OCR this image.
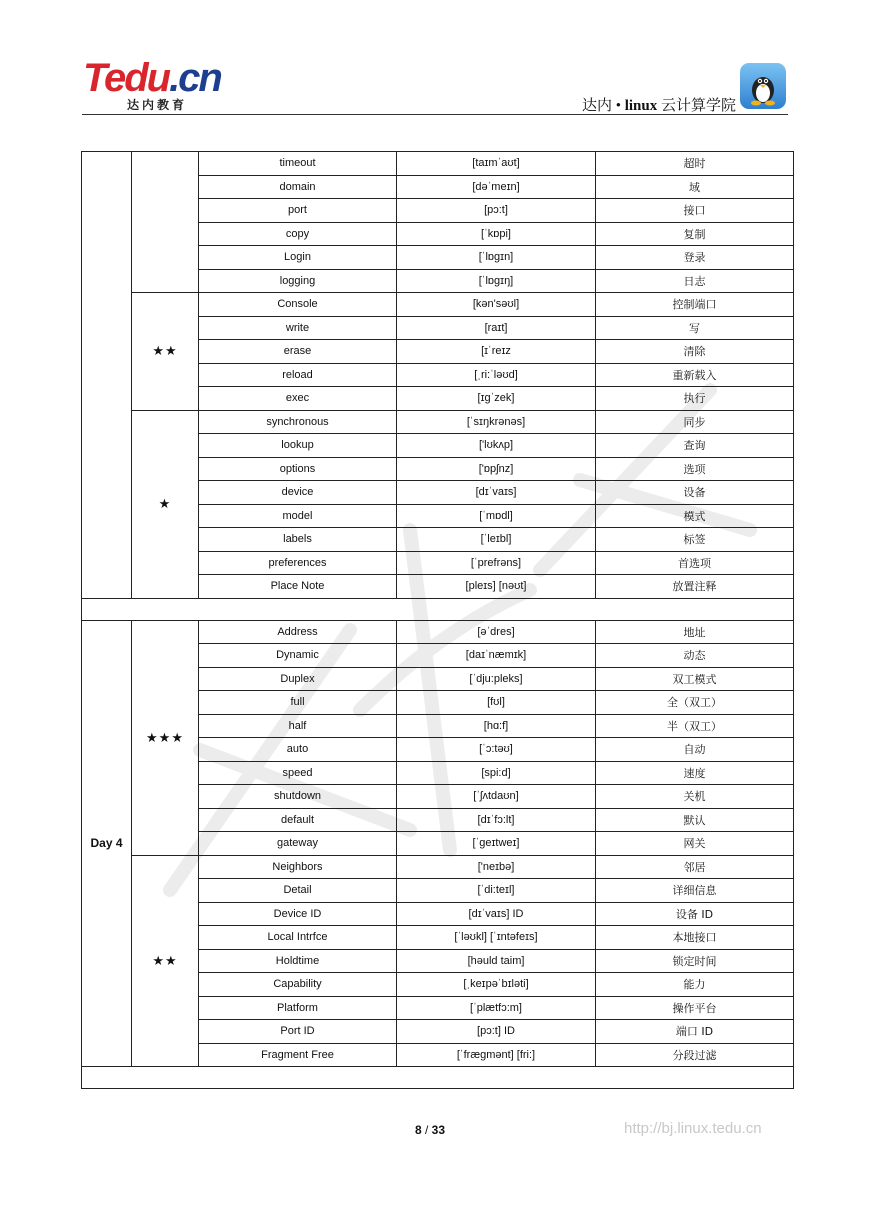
Tedu.cn
达内教育	达内 • linux 云计算学院
		timeout	[taɪmˈaʊt]	超时
		domain	[dəˈmeɪn]	域
		port	[pɔ:t]	接口
		copy	[ˈkɒpi]	复制
		Login	[ˈlɒgɪn]	登录
		logging	[ˈlɒgɪŋ]	日志
	★★	Console	[kən'səʊl]	控制端口
		write	[raɪt]	写
		erase	[ɪˈreɪz	清除
		reload	[ˌri:ˈləʊd]	重新载入
		exec	[ɪgˈzek]	执行
	★	synchronous	[ˈsɪŋkrənəs]	同步
		lookup	['lʊkʌp]	查询
		options	['ɒpʃnz]	选项
		device	[dɪˈvaɪs]	设备
		model	[ˈmɒdl]	模式
		labels	[ˈleɪbl]	标签
		preferences	[ˈprefrəns]	首选项
		Place Note	[pleɪs] [nəʊt]	放置注释

Day 4	★★★	Address	[əˈdres]	地址
		Dynamic	[daɪˈnæmɪk]	动态
		Duplex	[ˈdju:pleks]	双工模式
		full	[fʊl]	全（双工）
		half	[hɑ:f]	半（双工）
		auto	[ˈɔ:təʊ]	自动
		speed	[spi:d]	速度
		shutdown	[ˈʃʌtdaʊn]	关机
		default	[dɪˈfɔ:lt]	默认
		gateway	[ˈgeɪtweɪ]	网关
	★★	Neighbors	['neɪbə]	邻居
		Detail	[ˈdi:teɪl]	详细信息
		Device ID	[dɪˈvaɪs] ID	设备 ID
		Local Intrfce	[ˈləʊkl] [ˈɪntəfeɪs]	本地接口
		Holdtime	[həuld taim]	锁定时间
		Capability	[ˌkeɪpəˈbɪləti]	能力
		Platform	[ˈplætfɔ:m]	操作平台
		Port ID	[pɔ:t] ID	端口 ID
		Fragment Free	[ˈfrægmənt] [fri:]	分段过滤

8 / 33	http://bj.linux.tedu.cn
